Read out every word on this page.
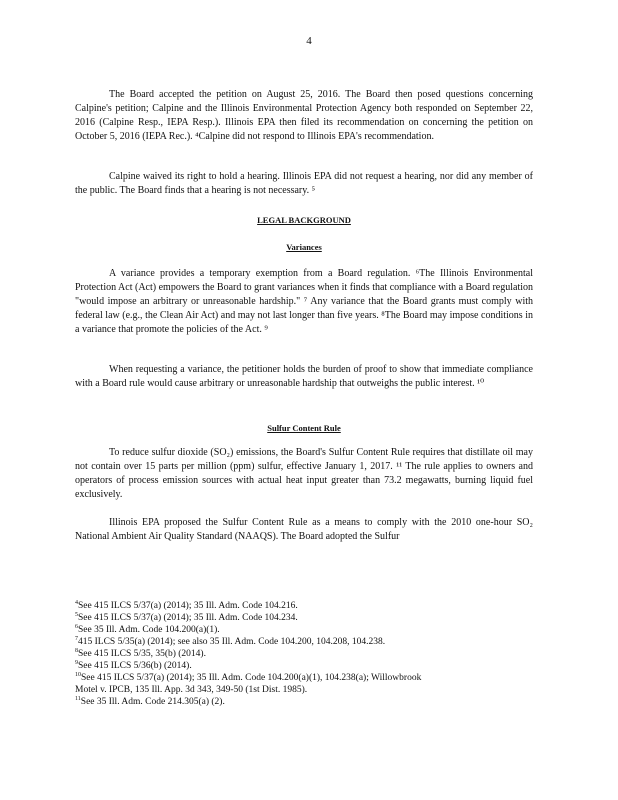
4

The Board accepted the petition on August 25, 2016. The Board then posed questions concerning Calpine's petition; Calpine and the Illinois Environmental Protection Agency both responded on September 22, 2016 (Calpine Resp., IEPA Resp.). Illinois EPA then filed its recommendation on concerning the petition on October 5, 2016 (IEPA Rec.). ⁴Calpine did not respond to Illinois EPA's recommendation.

Calpine waived its right to hold a hearing. Illinois EPA did not request a hearing, nor did any member of the public. The Board finds that a hearing is not necessary. ⁵

LEGAL BACKGROUND

Variances

A variance provides a temporary exemption from a Board regulation. ⁶The Illinois Environmental Protection Act (Act) empowers the Board to grant variances when it finds that compliance with a Board regulation "would impose an arbitrary or unreasonable hardship." ⁷ Any variance that the Board grants must comply with federal law (e.g., the Clean Air Act) and may not last longer than five years. ⁸The Board may impose conditions in a variance that promote the policies of the Act. ⁹

When requesting a variance, the petitioner holds the burden of proof to show that immediate compliance with a Board rule would cause arbitrary or unreasonable hardship that outweighs the public interest. ¹⁰

Sulfur Content Rule

To reduce sulfur dioxide (SO₂) emissions, the Board's Sulfur Content Rule requires that distillate oil may not contain over 15 parts per million (ppm) sulfur, effective January 1, 2017. ¹¹ The rule applies to owners and operators of process emission sources with actual heat input greater than 73.2 megawatts, burning liquid fuel exclusively.

Illinois EPA proposed the Sulfur Content Rule as a means to comply with the 2010 one-hour SO₂ National Ambient Air Quality Standard (NAAQS). The Board adopted the Sulfur

$^4$See 415 ILCS 5/37(a) (2014); 35 Ill. Adm. Code 104.216.
$^5$See 415 ILCS 5/37(a) (2014); 35 Ill. Adm. Code 104.234.
$^6$See 35 Ill. Adm. Code 104.200(a)(1).
$^7$415 ILCS 5/35(a) (2014); see also 35 Ill. Adm. Code 104.200, 104.208, 104.238.
$^8$See 415 ILCS 5/35, 35(b) (2014).
$^9$See 415 ILCS 5/36(b) (2014).
$^{10}$See 415 ILCS 5/37(a) (2014); 35 Ill. Adm. Code 104.200(a)(1), 104.238(a); Willowbrook
Motel v. IPCB, 135 Ill. App. 3d 343, 349-50 (1st Dist. 1985).
$^{11}$See 35 Ill. Adm. Code 214.305(a) (2).
